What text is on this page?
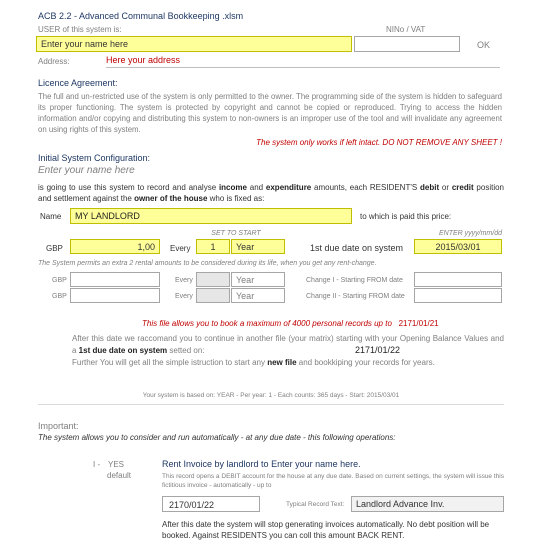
ACB 2.2 - Advanced Communal Bookkeeping .xlsm
USER of this system is:	NINo / VAT
Enter your name here	OK
Address:	Here your address
Licence Agreement:
The full and un-restricted use of the system is only permitted to the owner. The programming side of the system is hidden to safeguard its proper functioning. The system is protected by copyright and cannot be copied or reproduced. Trying to access the hidden information and/or copying and distributing this system to non-owners is an improper use of the tool and will invalidate any agreement on using rights of this system.
The system only works if left intact. DO NOT REMOVE ANY SHEET !
Initial System Configuration:
Enter your name here
is going to use this system to record and analyse income and expenditure amounts, each RESIDENT'S debit or credit position and settlement against the owner of the house who is fixed as:
Name	MY LANDLORD	to which is paid this price:
SET TO START	ENTER yyyy/mm/dd
GBP	1,00	Every	1	Year	1st due date on system	2015/03/01
The System permits an extra 2 rental amounts to be considered during its life, when you get any rent-change.
GBP	Every	Year	Change I - Starting FROM date
GBP	Every	Year	Change II - Starting FROM date
This file allows you to book a maximum of 4000 personal records up to 2171/01/21
After this date we raccomand you to continue in another file (your matrix) starting with your Opening Balance Values and a 1st due date on system setted on:	2171/01/22
Further You will get all the simple istruction to start any new file and bookkiping your records for years.
Your system is based on: YEAR - Per year: 1 - Each counts: 365 days - Start: 2015/03/01
Important:
The system allows you to consider and run automatically - at any due date - this following operations:
I - YES
default
Rent Invoice by landlord to Enter your name here.
This record opens a DEBIT account for the house at any due date. Based on current settings, the system will issue this fictitious invoice - automatically - up to
2170/01/22	Typical Record Text:	Landlord Advance Inv.
After this date the system will stop generating invoices automatically. No debt position will be booked. Against RESIDENTS you can coll this amount BACK RENT.
